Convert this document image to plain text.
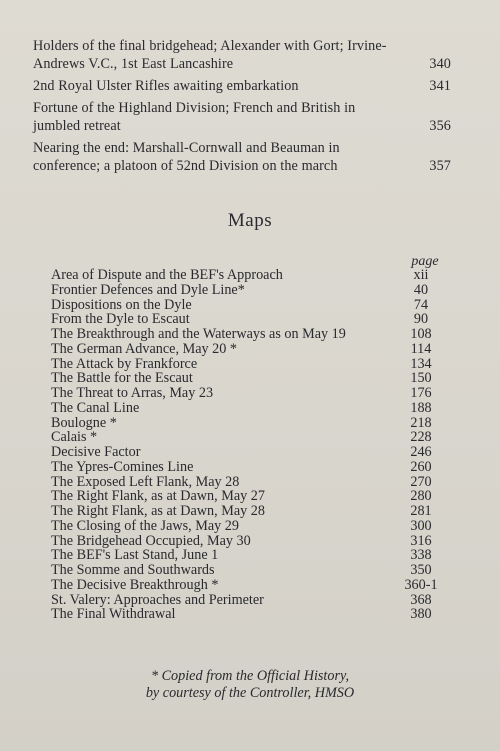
Holders of the final bridgehead; Alexander with Gort; Irvine-Andrews V.C., 1st East Lancashire	340
2nd Royal Ulster Rifles awaiting embarkation	341
Fortune of the Highland Division; French and British in jumbled retreat	356
Nearing the end: Marshall-Cornwall and Beauman in conference; a platoon of 52nd Division on the march	357
Maps
page
Area of Dispute and the BEF's Approach	xii
Frontier Defences and Dyle Line*	40
Dispositions on the Dyle	74
From the Dyle to Escaut	90
The Breakthrough and the Waterways as on May 19	108
The German Advance, May 20 *	114
The Attack by Frankforce	134
The Battle for the Escaut	150
The Threat to Arras, May 23	176
The Canal Line	188
Boulogne *	218
Calais *	228
Decisive Factor	246
The Ypres-Comines Line	260
The Exposed Left Flank, May 28	270
The Right Flank, as at Dawn, May 27	280
The Right Flank, as at Dawn, May 28	281
The Closing of the Jaws, May 29	300
The Bridgehead Occupied, May 30	316
The BEF's Last Stand, June 1	338
The Somme and Southwards	350
The Decisive Breakthrough *	360-1
St. Valery: Approaches and Perimeter	368
The Final Withdrawal	380
* Copied from the Official History,
by courtesy of the Controller, HMSO
